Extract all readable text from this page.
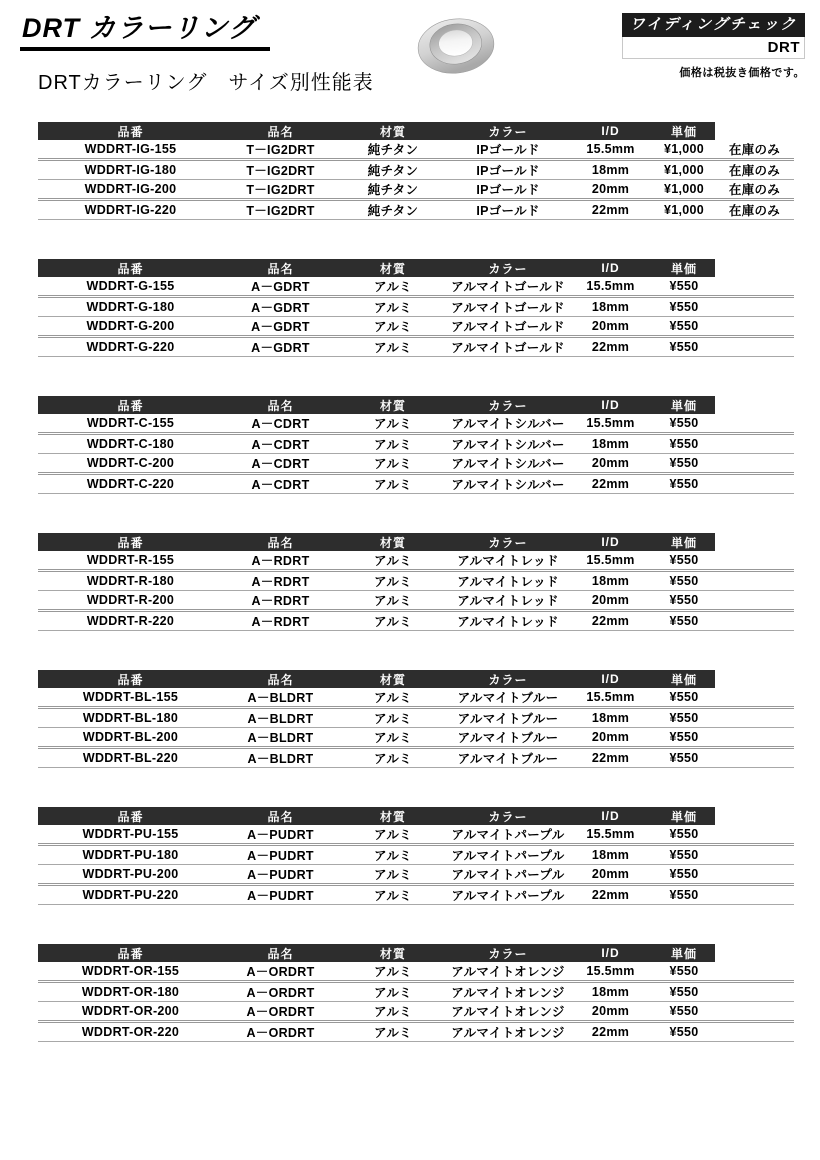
DRT カラーリング
DRTカラーリング　サイズ別性能表
ワイディングチェック
DRT
価格は税抜き価格です。
品番	品名	材質	カラー	I/D	単価	
WDDRT-IG-155	T－IG2DRT	純チタン	IPゴールド	15.5mm	¥1,000	在庫のみ
WDDRT-IG-180	T－IG2DRT	純チタン	IPゴールド	18mm	¥1,000	在庫のみ
WDDRT-IG-200	T－IG2DRT	純チタン	IPゴールド	20mm	¥1,000	在庫のみ
WDDRT-IG-220	T－IG2DRT	純チタン	IPゴールド	22mm	¥1,000	在庫のみ
品番	品名	材質	カラー	I/D	単価	
WDDRT-G-155	A－GDRT	アルミ	アルマイトゴールド	15.5mm	¥550	
WDDRT-G-180	A－GDRT	アルミ	アルマイトゴールド	18mm	¥550	
WDDRT-G-200	A－GDRT	アルミ	アルマイトゴールド	20mm	¥550	
WDDRT-G-220	A－GDRT	アルミ	アルマイトゴールド	22mm	¥550	
品番	品名	材質	カラー	I/D	単価	
WDDRT-C-155	A－CDRT	アルミ	アルマイトシルバー	15.5mm	¥550	
WDDRT-C-180	A－CDRT	アルミ	アルマイトシルバー	18mm	¥550	
WDDRT-C-200	A－CDRT	アルミ	アルマイトシルバー	20mm	¥550	
WDDRT-C-220	A－CDRT	アルミ	アルマイトシルバー	22mm	¥550	
品番	品名	材質	カラー	I/D	単価	
WDDRT-R-155	A－RDRT	アルミ	アルマイトレッド	15.5mm	¥550	
WDDRT-R-180	A－RDRT	アルミ	アルマイトレッド	18mm	¥550	
WDDRT-R-200	A－RDRT	アルミ	アルマイトレッド	20mm	¥550	
WDDRT-R-220	A－RDRT	アルミ	アルマイトレッド	22mm	¥550	
品番	品名	材質	カラー	I/D	単価	
WDDRT-BL-155	A－BLDRT	アルミ	アルマイトブルー	15.5mm	¥550	
WDDRT-BL-180	A－BLDRT	アルミ	アルマイトブルー	18mm	¥550	
WDDRT-BL-200	A－BLDRT	アルミ	アルマイトブルー	20mm	¥550	
WDDRT-BL-220	A－BLDRT	アルミ	アルマイトブルー	22mm	¥550	
品番	品名	材質	カラー	I/D	単価	
WDDRT-PU-155	A－PUDRT	アルミ	アルマイトパープル	15.5mm	¥550	
WDDRT-PU-180	A－PUDRT	アルミ	アルマイトパープル	18mm	¥550	
WDDRT-PU-200	A－PUDRT	アルミ	アルマイトパープル	20mm	¥550	
WDDRT-PU-220	A－PUDRT	アルミ	アルマイトパープル	22mm	¥550	
品番	品名	材質	カラー	I/D	単価	
WDDRT-OR-155	A－ORDRT	アルミ	アルマイトオレンジ	15.5mm	¥550	
WDDRT-OR-180	A－ORDRT	アルミ	アルマイトオレンジ	18mm	¥550	
WDDRT-OR-200	A－ORDRT	アルミ	アルマイトオレンジ	20mm	¥550	
WDDRT-OR-220	A－ORDRT	アルミ	アルマイトオレンジ	22mm	¥550	
